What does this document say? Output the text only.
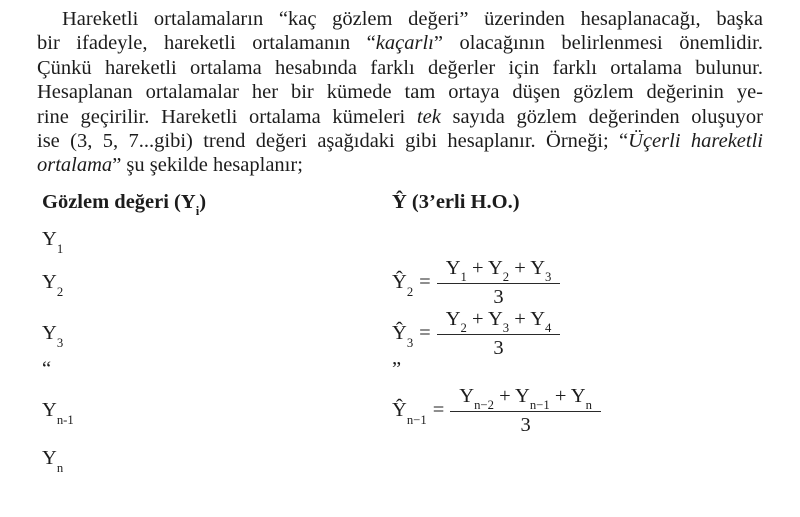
Hareketli ortalamaların “kaç gözlem değeri” üzerinden hesaplanacağı, başka
bir ifadeyle, hareketli ortalamanın “kaçarlı” olacağının belirlenmesi önemlidir.
Çünkü hareketli ortalama hesabında farklı değerler için farklı ortalama bulunur.
Hesaplanan ortalamalar her bir kümede tam ortaya düşen gözlem değerinin ye-
rine geçirilir. Hareketli ortalama kümeleri tek sayıda gözlem değerinden oluşuyor
ise (3, 5, 7...gibi) trend değeri aşağıdaki gibi hesaplanır. Örneği; “Üçerli hareketli
ortalama” şu şekilde hesaplanır;
Gözlem değeri $(Y_i)$	Ŷ (3’erli H.O.)
$Y_1$
$Y_2$	$Ŷ_2 = \frac{Y_1 + Y_2 + Y_3}{3}$
$Y_3$	$Ŷ_3 = \frac{Y_2 + Y_3 + Y_4}{3}$
“	”
$Y_{n-1}$	$Ŷ_{n-1} = \frac{Y_{n-2} + Y_{n-1} + Y_n}{3}$
$Y_n$
